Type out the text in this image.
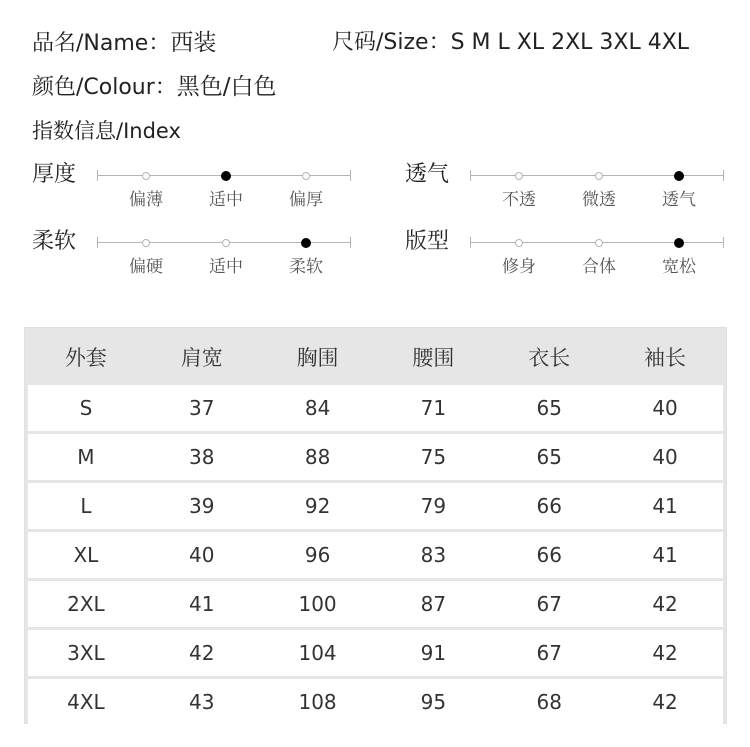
品名/Name：西装	尺码/Size：S M L XL 2XL 3XL 4XL
颜色/Colour：黑色/白色
指数信息/Index
厚度
偏薄	适中	偏厚
透气
不透	微透	透气
柔软
偏硬	适中	柔软
版型
修身	合体	宽松
外套	肩宽	胸围	腰围	衣长	袖长
S	37	84	71	65	40
M	38	88	75	65	40
L	39	92	79	66	41
XL	40	96	83	66	41
2XL	41	100	87	67	42
3XL	42	104	91	67	42
4XL	43	108	95	68	42
